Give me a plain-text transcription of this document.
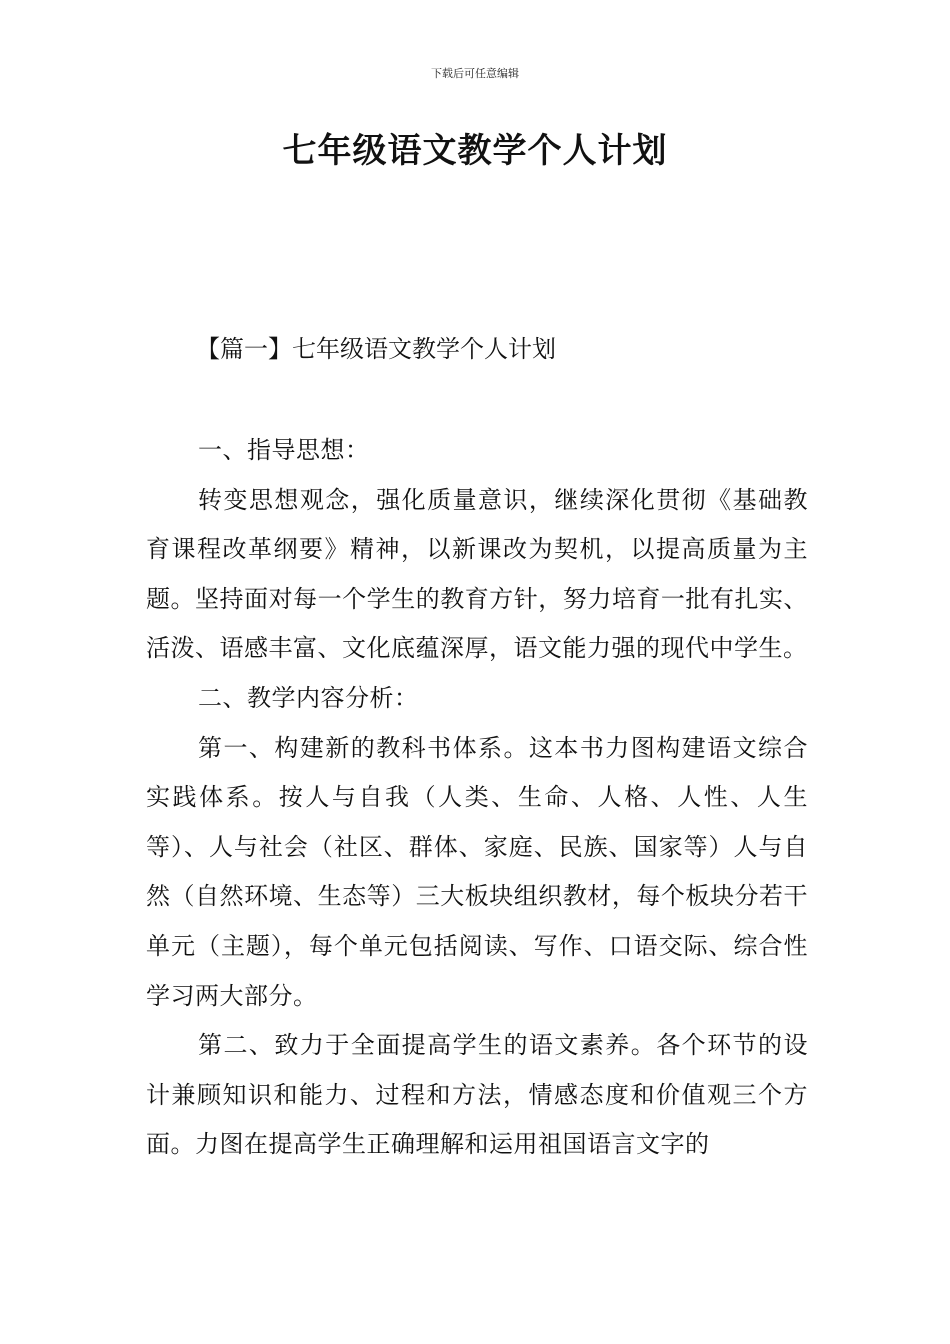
下载后可任意编辑
七年级语文教学个人计划
【篇一】七年级语文教学个人计划

一、指导思想：

转变思想观念，强化质量意识，继续深化贯彻《基础教育课程改革纲要》精神，以新课改为契机，以提高质量为主题。坚持面对每一个学生的教育方针，努力培育一批有扎实、活泼、语感丰富、文化底蕴深厚，语文能力强的现代中学生。

二、教学内容分析：

第一、构建新的教科书体系。这本书力图构建语文综合实践体系。按人与自我（人类、生命、人格、人性、人生等）、人与社会（社区、群体、家庭、民族、国家等）人与自然（自然环境、生态等）三大板块组织教材，每个板块分若干单元（主题），每个单元包括阅读、写作、口语交际、综合性学习两大部分。

第二、致力于全面提高学生的语文素养。各个环节的设计兼顾知识和能力、过程和方法，情感态度和价值观三个方面。力图在提高学生正确理解和运用祖国语言文字的
